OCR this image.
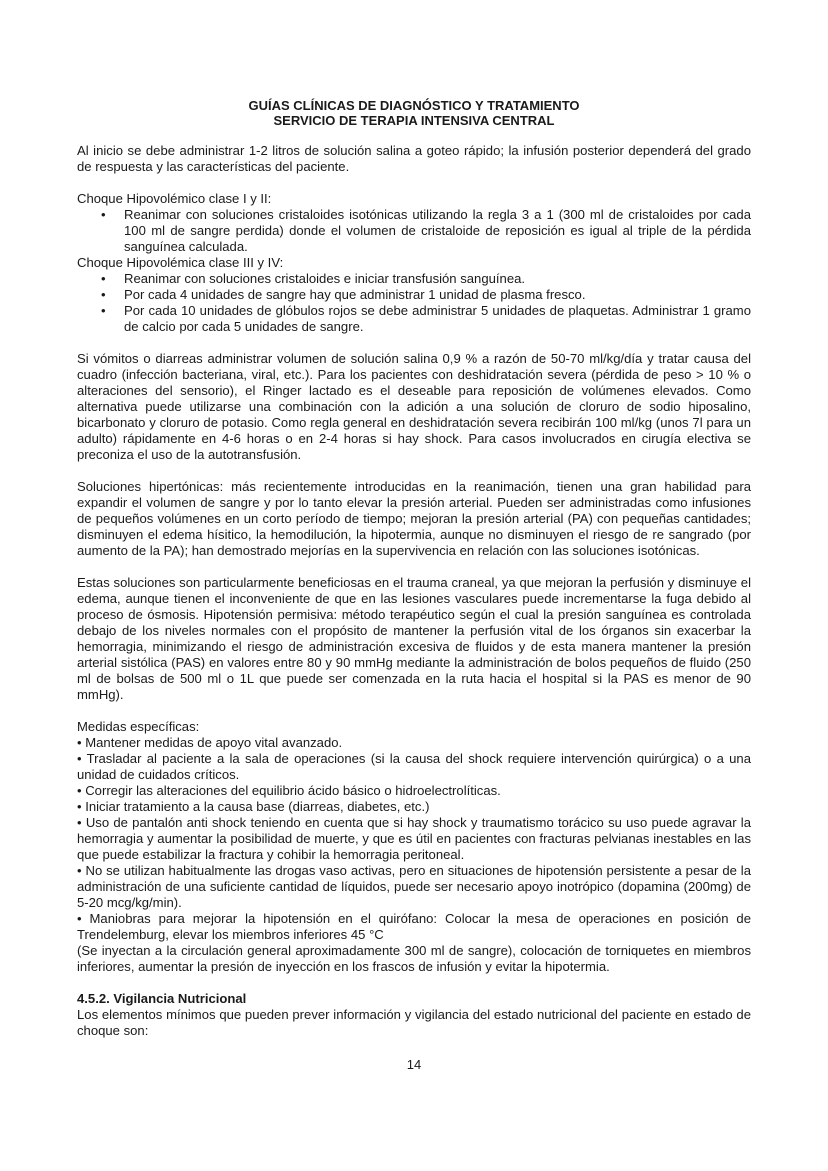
GUÍAS CLÍNICAS DE DIAGNÓSTICO Y TRATAMIENTO
SERVICIO DE TERAPIA INTENSIVA CENTRAL

Al inicio se debe administrar 1-2 litros de solución salina a goteo rápido; la infusión posterior dependerá del grado de respuesta y las características del paciente.

Choque Hipovolémico clase I y II:
• Reanimar con soluciones cristaloides isotónicas utilizando la regla 3 a 1 (300 ml de cristaloides por cada 100 ml de sangre perdida) donde el volumen de cristaloide de reposición es igual al triple de la pérdida sanguínea calculada.
Choque Hipovolémica clase III y IV:
• Reanimar con soluciones cristaloides e iniciar transfusión sanguínea.
• Por cada 4 unidades de sangre hay que administrar 1 unidad de plasma fresco.
• Por cada 10 unidades de glóbulos rojos se debe administrar 5 unidades de plaquetas. Administrar 1 gramo de calcio por cada 5 unidades de sangre.

Si vómitos o diarreas administrar volumen de solución salina 0,9 % a razón de 50-70 ml/kg/día y tratar causa del cuadro (infección bacteriana, viral, etc.). Para los pacientes con deshidratación severa (pérdida de peso > 10 % o alteraciones del sensorio), el Ringer lactado es el deseable para reposición de volúmenes elevados. Como alternativa puede utilizarse una combinación con la adición a una solución de cloruro de sodio hiposalino, bicarbonato y cloruro de potasio. Como regla general en deshidratación severa recibirán 100 ml/kg (unos 7l para un adulto) rápidamente en 4-6 horas o en 2-4 horas si hay shock. Para casos involucrados en cirugía electiva se preconiza el uso de la autotransfusión.

Soluciones hipertónicas: más recientemente introducidas en la reanimación, tienen una gran habilidad para expandir el volumen de sangre y por lo tanto elevar la presión arterial. Pueden ser administradas como infusiones de pequeños volúmenes en un corto período de tiempo; mejoran la presión arterial (PA) con pequeñas cantidades; disminuyen el edema hísitico, la hemodilución, la hipotermia, aunque no disminuyen el riesgo de re sangrado (por aumento de la PA); han demostrado mejorías en la supervivencia en relación con las soluciones isotónicas.

Estas soluciones son particularmente beneficiosas en el trauma craneal, ya que mejoran la perfusión y disminuye el edema, aunque tienen el inconveniente de que en las lesiones vasculares puede incrementarse la fuga debido al proceso de ósmosis. Hipotensión permisiva: método terapéutico según el cual la presión sanguínea es controlada debajo de los niveles normales con el propósito de mantener la perfusión vital de los órganos sin exacerbar la hemorragia, minimizando el riesgo de administración excesiva de fluidos y de esta manera mantener la presión arterial sistólica (PAS) en valores entre 80 y 90 mmHg mediante la administración de bolos pequeños de fluido (250 ml de bolsas de 500 ml o 1L que puede ser comenzada en la ruta hacia el hospital si la PAS es menor de 90 mmHg).

Medidas específicas:
• Mantener medidas de apoyo vital avanzado.
• Trasladar al paciente a la sala de operaciones (si la causa del shock requiere intervención quirúrgica) o a una unidad de cuidados críticos.
• Corregir las alteraciones del equilibrio ácido básico o hidroelectrolíticas.
• Iniciar tratamiento a la causa base (diarreas, diabetes, etc.)
• Uso de pantalón anti shock teniendo en cuenta que si hay shock y traumatismo torácico su uso puede agravar la hemorragia y aumentar la posibilidad de muerte, y que es útil en pacientes con fracturas pelvianas inestables en las que puede estabilizar la fractura y cohibir la hemorragia peritoneal.
• No se utilizan habitualmente las drogas vaso activas, pero en situaciones de hipotensión persistente a pesar de la administración de una suficiente cantidad de líquidos, puede ser necesario apoyo inotrópico (dopamina (200mg) de 5-20 mcg/kg/min).
• Maniobras para mejorar la hipotensión en el quirófano: Colocar la mesa de operaciones en posición de Trendelemburg, elevar los miembros inferiores 45 °C
(Se inyectan a la circulación general aproximadamente 300 ml de sangre), colocación de torniquetes en miembros inferiores, aumentar la presión de inyección en los frascos de infusión y evitar la hipotermia.
4.5.2. Vigilancia Nutricional

Los elementos mínimos que pueden prever información y vigilancia del estado nutricional del paciente en estado de choque son:

14
